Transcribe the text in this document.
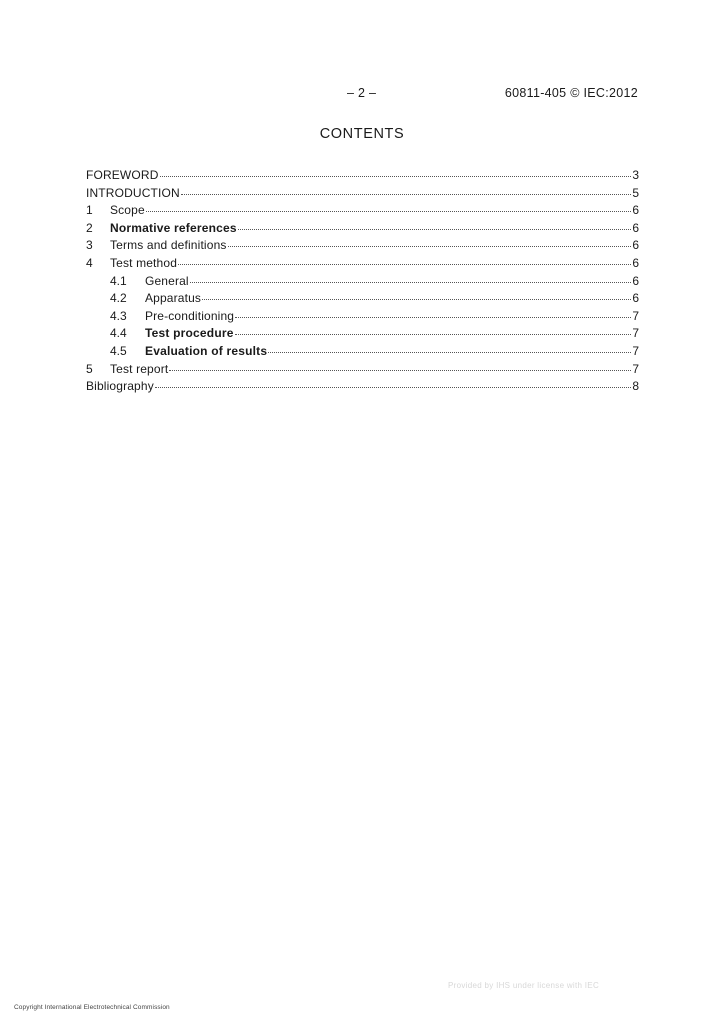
– 2 –	60811-405 © IEC:2012
CONTENTS
FOREWORD	3
INTRODUCTION	5
1	Scope	6
2	Normative references	6
3	Terms and definitions	6
4	Test method	6
4.1	General	6
4.2	Apparatus	6
4.3	Pre-conditioning	7
4.4	Test procedure	7
4.5	Evaluation of results	7
5	Test report	7
Bibliography	8
Provided by IHS under license with IEC
Copyright International Electrotechnical Commission
